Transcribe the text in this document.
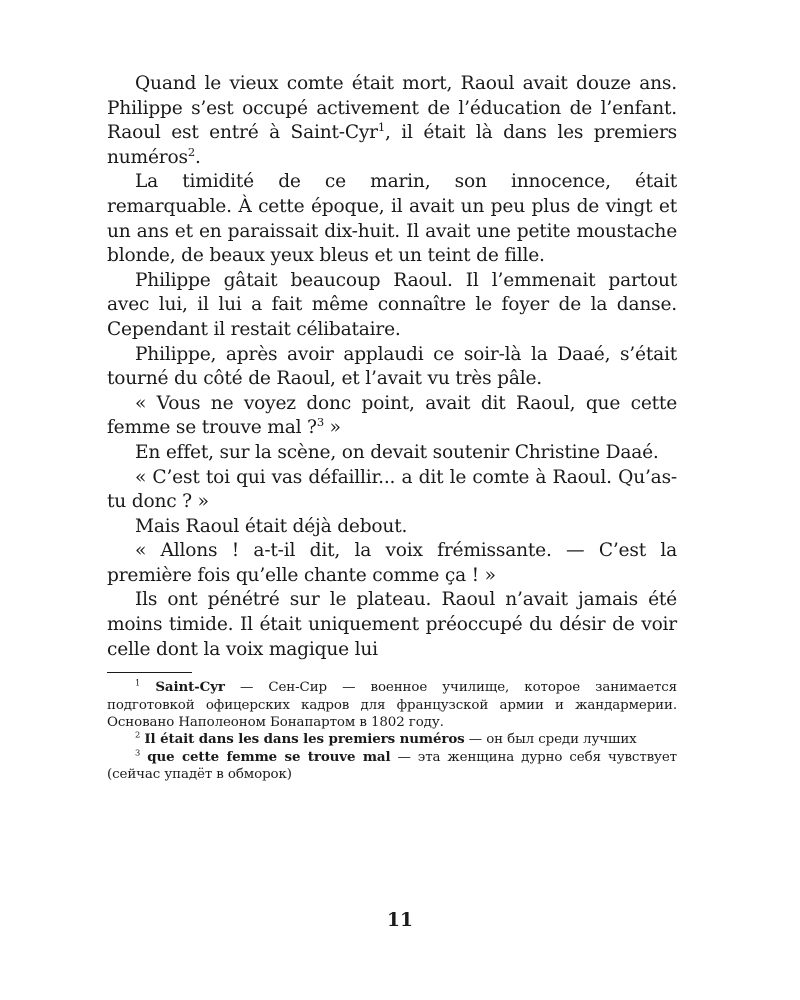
Quand le vieux comte était mort, Raoul avait douze ans. Philippe s’est occupé activement de l’éducation de l’enfant. Raoul est entré à Saint-Cyr$^1$, il était là dans les premiers numéros$^2$.

La timidité de ce marin, son innocence, était remarquable. À cette époque, il avait un peu plus de vingt et un ans et en paraissait dix-huit. Il avait une petite moustache blonde, de beaux yeux bleus et un teint de fille.

Philippe gâtait beaucoup Raoul. Il l’emmenait partout avec lui, il lui a fait même connaître le foyer de la danse. Cependant il restait célibataire.

Philippe, après avoir applaudi ce soir-là la Daaé, s’était tourné du côté de Raoul, et l’avait vu très pâle.

« Vous ne voyez donc point, avait dit Raoul, que cette femme se trouve mal ?$^3$ »

En effet, sur la scène, on devait soutenir Christine Daaé.

« C’est toi qui vas défaillir... a dit le comte à Raoul. Qu’as-tu donc ? »

Mais Raoul était déjà debout.

« Allons ! a-t-il dit, la voix frémissante. — C’est la première fois qu’elle chante comme ça ! »

Ils ont pénétré sur le plateau. Raoul n’avait jamais été moins timide. Il était uniquement préoccupé du désir de voir celle dont la voix magique lui

$^1$ Saint-Cyr — Сен-Сир — военное училище, которое занимается подготовкой офицерских кадров для французской армии и жандармерии. Основано Наполеоном Бонапартом в 1802 году.

$^2$ Il était dans les dans les premiers numéros — он был среди лучших

$^3$ que cette femme se trouve mal — эта женщина дурно себя чувствует (сейчас упадёт в обморок)

11
